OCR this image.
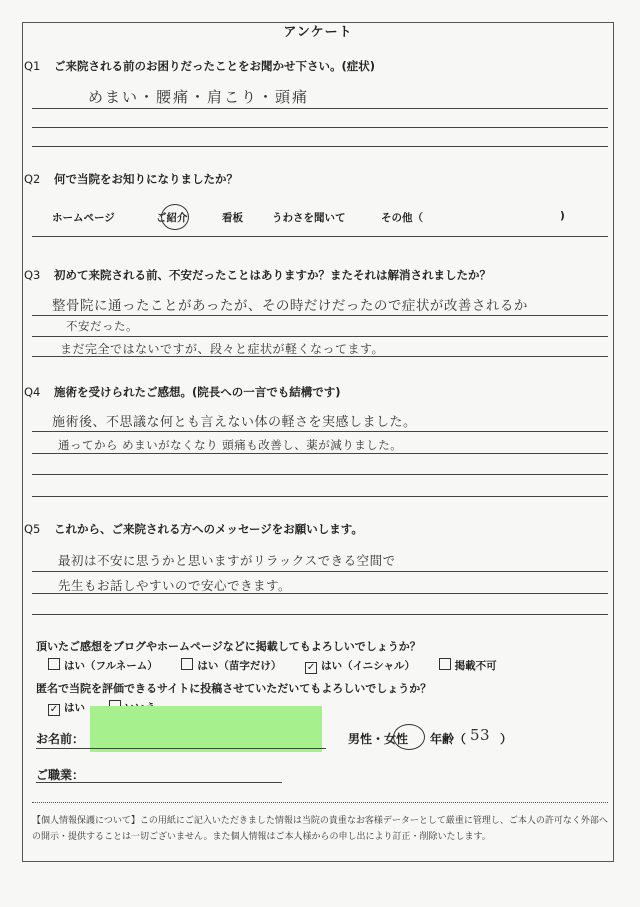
アンケート
Q1 ご来院される前のお困りだったことをお聞かせ下さい。(症状)
めまい・腰痛・肩こり・頭痛
Q2 何で当院をお知りになりましたか？
ホームページ	ご紹介	看板	うわさを聞いて	その他（	)
Q3 初めて来院される前、不安だったことはありますか？またそれは解消されましたか？
整骨院に通ったことがあったが、その時だけだったので症状が改善されるか
不安だった。
まだ完全ではないですが、段々と症状が軽くなってます。
Q4 施術を受けられたご感想。(院長への一言でも結構です)
施術後、不思議な何とも言えない体の軽さを実感しました。
通ってから めまいがなくなり 頭痛も改善し、薬が減りました。
Q5 これから、ご来院される方へのメッセージをお願いします。
最初は不安に思うかと思いますがリラックスできる空間で
先生もお話しやすいので安心できます。
頂いたご感想をブログやホームページなどに掲載してもよろしいでしょうか？
はい（フルネーム）	はい（苗字だけ）	✓ はい（イニシャル）	掲載不可
匿名で当院を評価できるサイトに投稿させていただいてもよろしいでしょうか？
✓ はい
お名前：	男性・女性 年齢（ 53 ）
ご職業：
【個人情報保護について】この用紙にご記入いただきました情報は当院の貴重なお客様データーとして厳重に管理し、ご本人の許可なく外部への開示・提供することは一切ございません。また個人情報はご本人様からの申し出により訂正・削除いたします。
